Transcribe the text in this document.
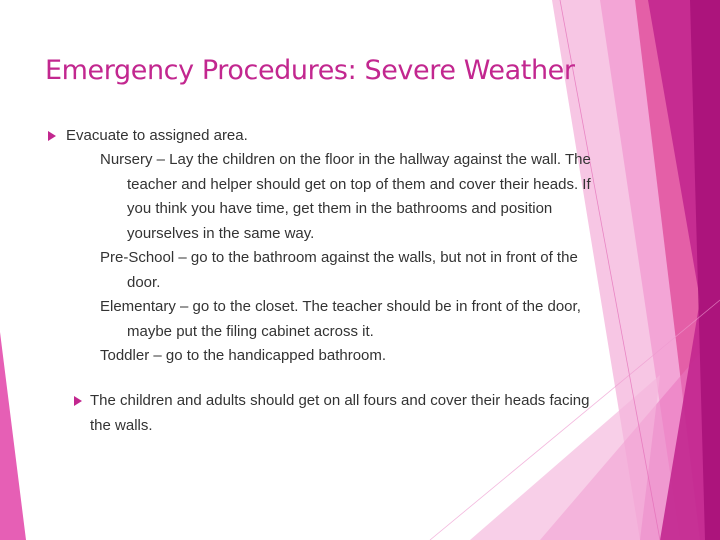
Emergency Procedures: Severe Weather
Evacuate to assigned area.
Nursery – Lay the children on the floor in the hallway against the wall. The teacher and helper should get on top of them and cover their heads. If you think you have time, get them in the bathrooms and position yourselves in the same way.
Pre-School – go to the bathroom against the walls, but not in front of the door.
Elementary – go to the closet. The teacher should be in front of the door, maybe put the filing cabinet across it.
Toddler – go to the handicapped bathroom.
The children and adults should get on all fours and cover their heads facing the walls.
